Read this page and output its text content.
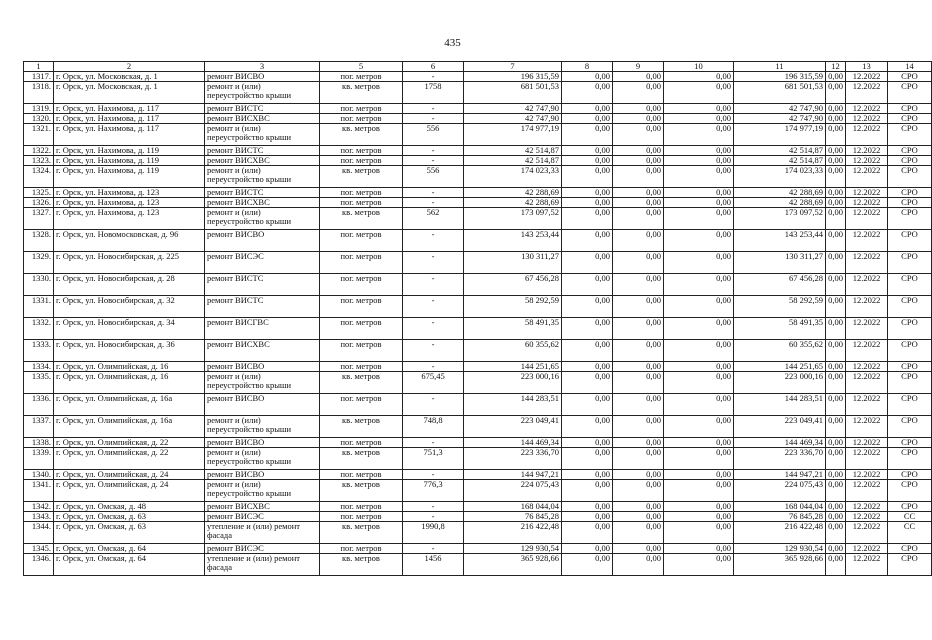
435
1	2	3	5	6	7	8	9	10	11	12	13	14
1317.	г. Орск, ул. Московская, д. 1	ремонт ВИСВО	пог. метров	-	196 315,59	0,00	0,00	0,00	196 315,59	0,00	12.2022	СРО
1318.	г. Орск, ул. Московская, д. 1	ремонт и (или) переустройство крыши	кв. метров	1758	681 501,53	0,00	0,00	0,00	681 501,53	0,00	12.2022	СРО
1319.	г. Орск, ул. Нахимова, д. 117	ремонт ВИСТС	пог. метров	-	42 747,90	0,00	0,00	0,00	42 747,90	0,00	12.2022	СРО
1320.	г. Орск, ул. Нахимова, д. 117	ремонт ВИСХВС	пог. метров	-	42 747,90	0,00	0,00	0,00	42 747,90	0,00	12.2022	СРО
1321.	г. Орск, ул. Нахимова, д. 117	ремонт и (или) переустройство крыши	кв. метров	556	174 977,19	0,00	0,00	0,00	174 977,19	0,00	12.2022	СРО
1322.	г. Орск, ул. Нахимова, д. 119	ремонт ВИСТС	пог. метров	-	42 514,87	0,00	0,00	0,00	42 514,87	0,00	12.2022	СРО
1323.	г. Орск, ул. Нахимова, д. 119	ремонт ВИСХВС	пог. метров	-	42 514,87	0,00	0,00	0,00	42 514,87	0,00	12.2022	СРО
1324.	г. Орск, ул. Нахимова, д. 119	ремонт и (или) переустройство крыши	кв. метров	556	174 023,33	0,00	0,00	0,00	174 023,33	0,00	12.2022	СРО
1325.	г. Орск, ул. Нахимова, д. 123	ремонт ВИСТС	пог. метров	-	42 288,69	0,00	0,00	0,00	42 288,69	0,00	12.2022	СРО
1326.	г. Орск, ул. Нахимова, д. 123	ремонт ВИСХВС	пог. метров	-	42 288,69	0,00	0,00	0,00	42 288,69	0,00	12.2022	СРО
1327.	г. Орск, ул. Нахимова, д. 123	ремонт и (или) переустройство крыши	кв. метров	562	173 097,52	0,00	0,00	0,00	173 097,52	0,00	12.2022	СРО
1328.	г. Орск, ул. Новомосковская, д. 96	ремонт ВИСВО	пог. метров	-	143 253,44	0,00	0,00	0,00	143 253,44	0,00	12.2022	СРО
1329.	г. Орск, ул. Новосибирская, д. 225	ремонт ВИСЭС	пог. метров	-	130 311,27	0,00	0,00	0,00	130 311,27	0,00	12.2022	СРО
1330.	г. Орск, ул. Новосибирская, д. 28	ремонт ВИСТС	пог. метров	-	67 456,28	0,00	0,00	0,00	67 456,28	0,00	12.2022	СРО
1331.	г. Орск, ул. Новосибирская, д. 32	ремонт ВИСТС	пог. метров	-	58 292,59	0,00	0,00	0,00	58 292,59	0,00	12.2022	СРО
1332.	г. Орск, ул. Новосибирская, д. 34	ремонт ВИСГВС	пог. метров	-	58 491,35	0,00	0,00	0,00	58 491,35	0,00	12.2022	СРО
1333.	г. Орск, ул. Новосибирская, д. 36	ремонт ВИСХВС	пог. метров	-	60 355,62	0,00	0,00	0,00	60 355,62	0,00	12.2022	СРО
1334.	г. Орск, ул. Олимпийская, д. 16	ремонт ВИСВО	пог. метров	-	144 251,65	0,00	0,00	0,00	144 251,65	0,00	12.2022	СРО
1335.	г. Орск, ул. Олимпийская, д. 16	ремонт и (или) переустройство крыши	кв. метров	675,45	223 000,16	0,00	0,00	0,00	223 000,16	0,00	12.2022	СРО
1336.	г. Орск, ул. Олимпийская, д. 16а	ремонт ВИСВО	пог. метров	-	144 283,51	0,00	0,00	0,00	144 283,51	0,00	12.2022	СРО
1337.	г. Орск, ул. Олимпийская, д. 16а	ремонт и (или) переустройство крыши	кв. метров	748,8	223 049,41	0,00	0,00	0,00	223 049,41	0,00	12.2022	СРО
1338.	г. Орск, ул. Олимпийская, д. 22	ремонт ВИСВО	пог. метров	-	144 469,34	0,00	0,00	0,00	144 469,34	0,00	12.2022	СРО
1339.	г. Орск, ул. Олимпийская, д. 22	ремонт и (или) переустройство крыши	кв. метров	751,3	223 336,70	0,00	0,00	0,00	223 336,70	0,00	12.2022	СРО
1340.	г. Орск, ул. Олимпийская, д. 24	ремонт ВИСВО	пог. метров	-	144 947,21	0,00	0,00	0,00	144 947,21	0,00	12.2022	СРО
1341.	г. Орск, ул. Олимпийская, д. 24	ремонт и (или) переустройство крыши	кв. метров	776,3	224 075,43	0,00	0,00	0,00	224 075,43	0,00	12.2022	СРО
1342.	г. Орск, ул. Омская, д. 48	ремонт ВИСХВС	пог. метров	-	168 044,04	0,00	0,00	0,00	168 044,04	0,00	12.2022	СРО
1343.	г. Орск, ул. Омская, д. 63	ремонт ВИСЭС	пог. метров	-	76 845,28	0,00	0,00	0,00	76 845,28	0,00	12.2022	СС
1344.	г. Орск, ул. Омская, д. 63	утепление и (или) ремонт фасада	кв. метров	1990,8	216 422,48	0,00	0,00	0,00	216 422,48	0,00	12.2022	СС
1345.	г. Орск, ул. Омская, д. 64	ремонт ВИСЭС	пог. метров	-	129 930,54	0,00	0,00	0,00	129 930,54	0,00	12.2022	СРО
1346.	г. Орск, ул. Омская, д. 64	утепление и (или) ремонт фасада	кв. метров	1456	365 928,66	0,00	0,00	0,00	365 928,66	0,00	12.2022	СРО
